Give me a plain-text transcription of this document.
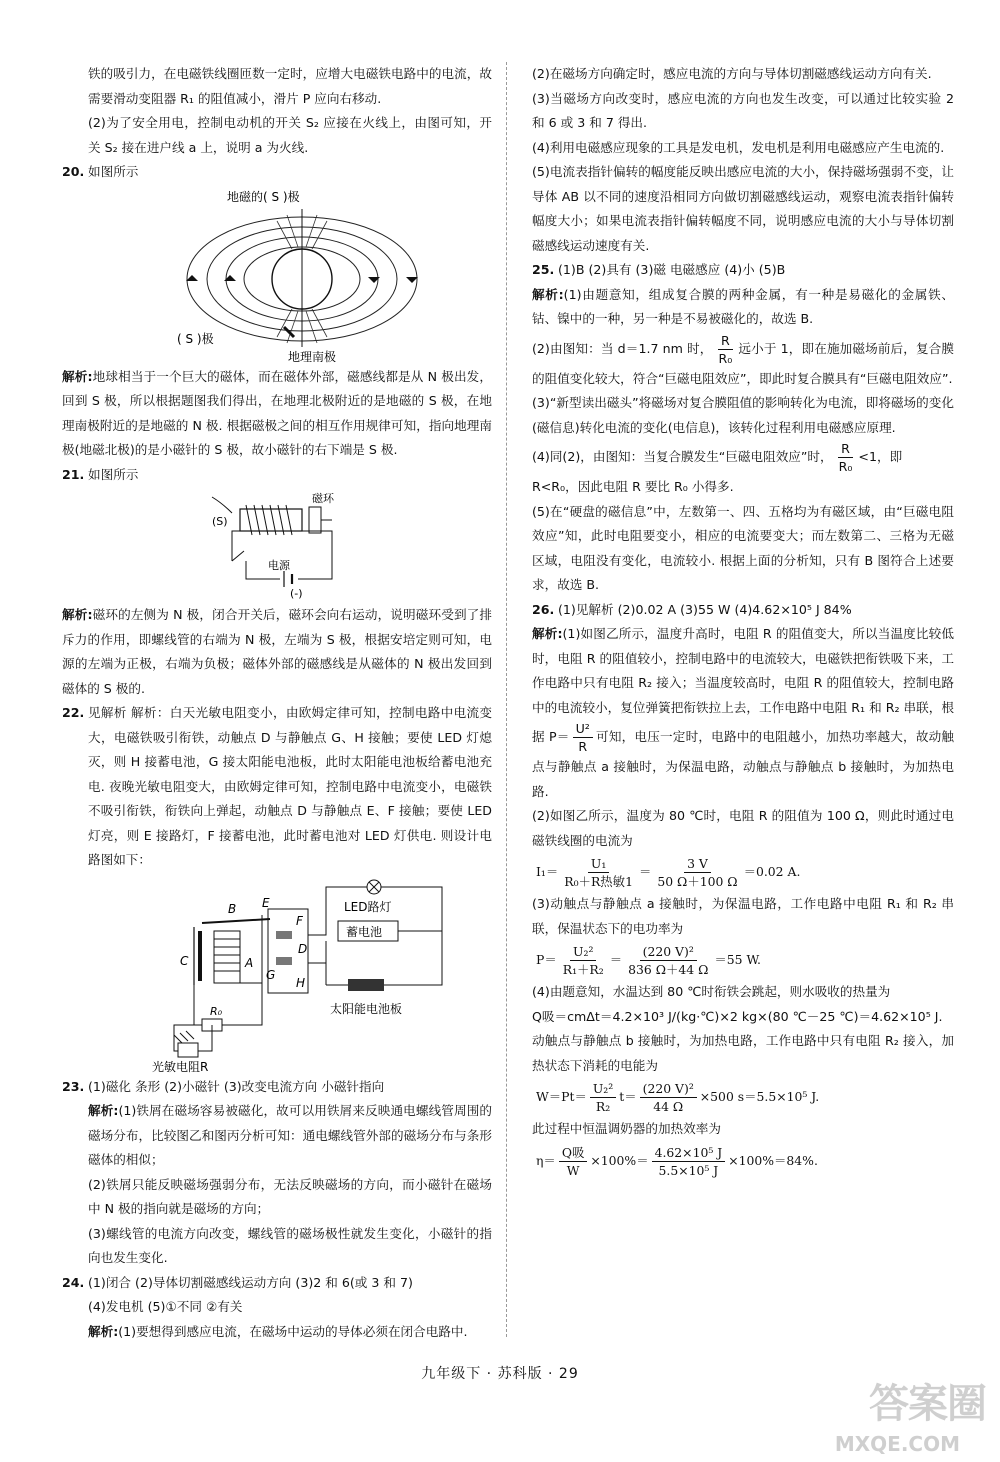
铁的吸引力，在电磁铁线圈匝数一定时，应增大电磁铁电路中的电流，故需要滑动变阻器 R₁ 的阻值减小，滑片 P 应向右移动.

(2)为了安全用电，控制电动机的开关 S₂ 应接在火线上，由图可知，开关 S₂ 接在进户线 a 上，说明 a 为火线.

20. 如图所示
地磁的( S )极
( S )极
地理南极

解析:地球相当于一个巨大的磁体，而在磁体外部，磁感线都是从 N 极出发，回到 S 极，所以根据题图我们得出，在地理北极附近的是地磁的 S 极，在地理南极附近的是地磁的 N 极. 根据磁极之间的相互作用规律可知，指向地理南极(地磁北极)的是小磁针的 S 极，故小磁针的右下端是 S 极.

21. 如图所示
磁环
(S)
电源
(-)

解析:磁环的左侧为 N 极，闭合开关后，磁环会向右运动，说明磁环受到了排斥力的作用，即螺线管的右端为 N 极，左端为 S 极，根据安培定则可知，电源的左端为正极，右端为负极；磁体外部的磁感线是从磁体的 N 极出发回到磁体的 S 极的.

22. 见解析 解析：白天光敏电阻变小，由欧姆定律可知，控制电路中电流变大，电磁铁吸引衔铁，动触点 D 与静触点 G、H 接触；要使 LED 灯熄灭，则 H 接蓄电池，G 接太阳能电池板，此时太阳能电池板给蓄电池充电. 夜晚光敏电阻变大，由欧姆定律可知，控制电路中电流变小，电磁铁不吸引衔铁，衔铁向上弹起，动触点 D 与静触点 E、F 接触；要使 LED 灯亮，则 E 接路灯，F 接蓄电池，此时蓄电池对 LED 灯供电. 则设计电路图如下：
B
C	A
E
F
D
G
H
LED路灯
蓄电池
太阳能电池板
R₀
光敏电阻R
23. (1)磁化 条形 (2)小磁针 (3)改变电流方向 小磁针指向

解析:(1)铁屑在磁场容易被磁化，故可以用铁屑来反映通电螺线管周围的磁场分布，比较图乙和图丙分析可知：通电螺线管外部的磁场分布与条形磁体的相似；

(2)铁屑只能反映磁场强弱分布，无法反映磁场的方向，而小磁针在磁场中 N 极的指向就是磁场的方向；

(3)螺线管的电流方向改变，螺线管的磁场极性就发生变化，小磁针的指向也发生变化.

24. (1)闭合 (2)导体切割磁感线运动方向 (3)2 和 6(或 3 和 7)

(4)发电机 (5)①不同 ②有关

解析:(1)要想得到感应电流，在磁场中运动的导体必须在闭合电路中.

(2)在磁场方向确定时，感应电流的方向与导体切割磁感线运动方向有关.

(3)当磁场方向改变时，感应电流的方向也发生改变，可以通过比较实验 2 和 6 或 3 和 7 得出.

(4)利用电磁感应现象的工具是发电机，发电机是利用电磁感应产生电流的.

(5)电流表指针偏转的幅度能反映出感应电流的大小，保持磁场强弱不变，让导体 AB 以不同的速度沿相同方向做切割磁感线运动，观察电流表指针偏转幅度大小；如果电流表指针偏转幅度不同，说明感应电流的大小与导体切割磁感线运动速度有关.

25. (1)B (2)具有 (3)磁 电磁感应 (4)小 (5)B

解析:(1)由题意知，组成复合膜的两种金属，有一种是易磁化的金属铁、钴、镍中的一种，另一种是不易被磁化的，故选 B.

(2)由图知：当 d＝1.7 nm 时， $\frac{R}{\text{R₀}}$ 远小于 1，即在施加磁场前后，复合膜的阻值变化较大，符合“巨磁电阻效应”，即此时复合膜具有“巨磁电阻效应”.

(3)“新型读出磁头”将磁场对复合膜阻值的影响转化为电流，即将磁场的变化(磁信息)转化电流的变化(电信息)，该转化过程利用电磁感应原理.

(4)同(2)，由图知：当复合膜发生“巨磁电阻效应”时， $\frac{R}{\text{R₀}} <1$，即

R<R₀，因此电阻 R 要比 R₀ 小得多.

(5)在“硬盘的磁信息”中，左数第一、四、五格均为有磁区域，由“巨磁电阻效应”知，此时电阻要变小，相应的电流要变大；而左数第二、三格为无磁区域，电阻没有变化，电流较小. 根据上面的分析知，只有 B 图符合上述要求，故选 B.

26. (1)见解析 (2)0.02 A (3)55 W (4)4.62×10⁵ J 84%

解析:(1)如图乙所示，温度升高时，电阻 R 的阻值变大，所以当温度比较低时，电阻 R 的阻值较小，控制电路中的电流较大，电磁铁把衔铁吸下来，工作电路中只有电阻 R₂ 接入；当温度较高时，电阻 R 的阻值较大，控制电路中的电流较小，复位弹簧把衔铁拉上去，工作电路中电阻 R₁ 和 R₂ 串联，根据 $P= \frac{\text{U²}}{R}$ 可知，电压一定时，电路中的电阻越小，加热功率越大，故动触点与静触点 a 接触时，为保温电路，动触点与静触点 b 接触时，为加热电路.

(2)如图乙所示，温度为 80 ℃时，电阻 R 的阻值为 100 Ω，则此时通过电磁铁线圈的电流为

$I_1= \frac{\text{U₁}}{\text{R₀＋R热敏1}} = \frac{3 V}{50 \Omega+100 \Omega} =0.02$ A.

(3)动触点与静触点 a 接触时，为保温电路，工作电路中电阻 R₁ 和 R₂ 串联，保温状态下的电功率为

$P= \frac{\text{U₂²}}{\text{R₁＋R₂}} = \frac{\text{(220 V)²}}{836 \Omega+44 \Omega} =55$ W.

(4)由题意知，水温达到 80 ℃时衔铁会跳起，则水吸收的热量为

Q吸＝cmΔt＝4.2×10³ J/(kg·℃)×2 kg×(80 ℃－25 ℃)＝4.62×10⁵ J.

动触点与静触点 b 接触时，为加热电路，工作电路中只有电阻 R₂ 接入，加热状态下消耗的电能为

$W=Pt= \frac{\text{U₂²}}{\text{R₂}} t= \frac{\text{(220 V)²}}{44 \Omega} \times 500$ s＝5.5×10⁵ J.

此过程中恒温调奶器的加热效率为

$\eta= \frac{\text{Q吸}}{W} \times 100\%= \frac{\text{4.62×10⁵ J}}{\text{5.5×10⁵ J}} \times 100\%=84\%$.
九年级下 · 苏科版 · 29
答案圈
MXQE.COM
